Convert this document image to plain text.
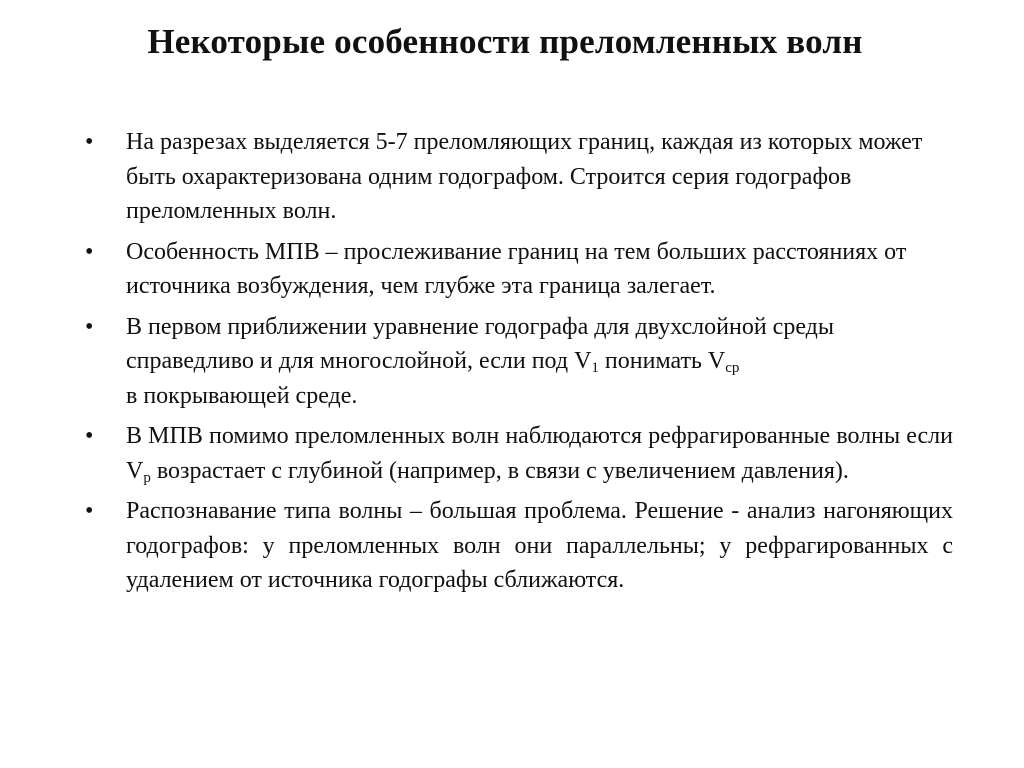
Некоторые особенности преломленных волн
•	На разрезах выделяется 5-7 преломляющих границ, каждая из которых может быть охарактеризована одним годографом. Строится серия годографов преломленных волн.
•	Особенность МПВ – прослеживание границ на тем больших расстояниях от источника возбуждения, чем глубже эта граница залегает.
•	В первом приближении уравнение годографа для двухслойной среды справедливо и для многослойной, если под $V_1$ понимать $V_{ср}$
в покрывающей среде.
•	В МПВ помимо преломленных волн наблюдаются рефрагированные волны если $V_р$ возрастает с глубиной (например, в связи с увеличением давления).
•	Распознавание типа волны – большая проблема. Решение - анализ нагоняющих годографов: у преломленных волн они параллельны; у рефрагированных с удалением от источника годографы сближаются.
